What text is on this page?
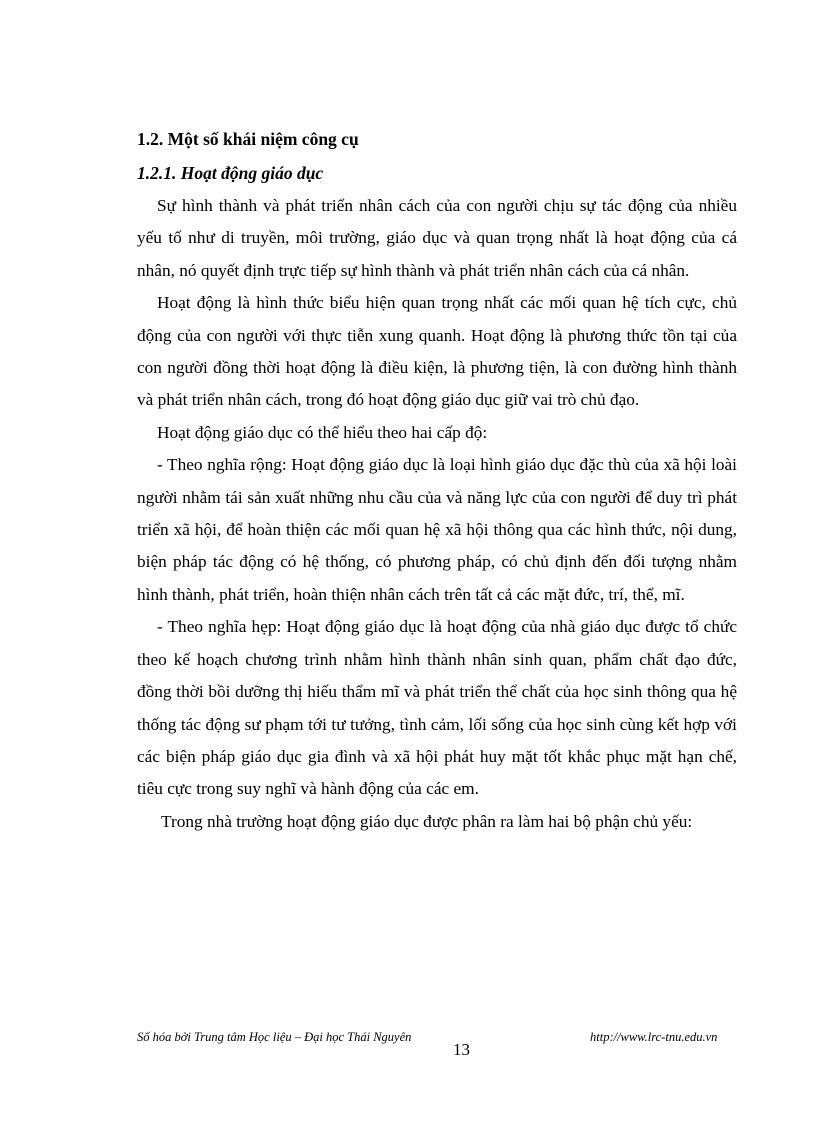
1.2. Một số khái niệm công cụ
1.2.1. Hoạt động giáo dục

Sự hình thành và phát triển nhân cách của con người chịu sự tác động của nhiều yếu tố như di truyền, môi trường, giáo dục và quan trọng nhất là hoạt động của cá nhân, nó quyết định trực tiếp sự hình thành và phát triển nhân cách của cá nhân.

Hoạt động là hình thức biểu hiện quan trọng nhất các mối quan hệ tích cực, chủ động của con người với thực tiễn xung quanh. Hoạt động là phương thức tồn tại của con người đồng thời hoạt động là điều kiện, là phương tiện, là con đường hình thành và phát triển nhân cách, trong đó hoạt động giáo dục giữ vai trò chủ đạo.

Hoạt động giáo dục có thể hiểu theo hai cấp độ:

- Theo nghĩa rộng: Hoạt động giáo dục là loại hình giáo dục đặc thù của xã hội loài người nhằm tái sản xuất những nhu cầu của và năng lực của con người để duy trì phát triển xã hội, để hoàn thiện các mối quan hệ xã hội thông qua các hình thức, nội dung, biện pháp tác động có hệ thống, có phương pháp, có chủ định đến đối tượng nhằm hình thành, phát triển, hoàn thiện nhân cách trên tất cả các mặt đức, trí, thể, mĩ.

- Theo nghĩa hẹp: Hoạt động giáo dục là hoạt động của nhà giáo dục được tổ chức theo kế hoạch chương trình nhằm hình thành nhân sinh quan, phẩm chất đạo đức, đồng thời bồi dưỡng thị hiếu thẩm mĩ và phát triển thể chất của học sinh thông qua hệ thống tác động sư phạm tới tư tưởng, tình cảm, lối sống của học sinh cùng kết hợp với các biện pháp giáo dục gia đình và xã hội phát huy mặt tốt khắc phục mặt hạn chế, tiêu cực trong suy nghĩ và hành động của các em.

Trong nhà trường hoạt động giáo dục được phân ra làm hai bộ phận chủ yếu:

Số hóa bởi Trung tâm Học liệu – Đại học Thái Nguyên
13
http://www.lrc-tnu.edu.vn
